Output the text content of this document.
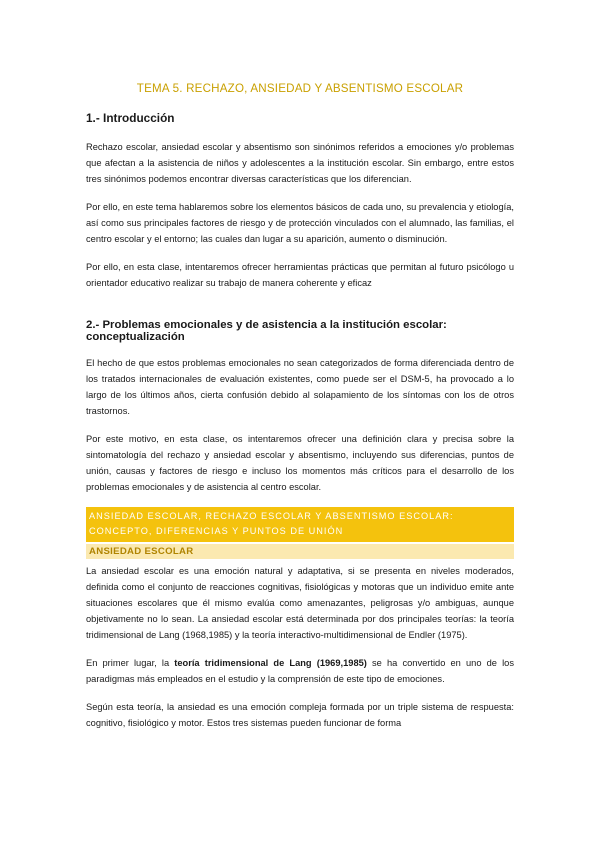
TEMA 5. RECHAZO, ANSIEDAD Y ABSENTISMO ESCOLAR
1.- Introducción

Rechazo escolar, ansiedad escolar y absentismo son sinónimos referidos a emociones y/o problemas que afectan a la asistencia de niños y adolescentes a la institución escolar. Sin embargo, entre estos tres sinónimos podemos encontrar diversas características que los diferencian.

Por ello, en este tema hablaremos sobre los elementos básicos de cada uno, su prevalencia y etiología, así como sus principales factores de riesgo y de protección vinculados con el alumnado, las familias, el centro escolar y el entorno; las cuales dan lugar a su aparición, aumento o disminución.

Por ello, en esta clase, intentaremos ofrecer herramientas prácticas que permitan al futuro psicólogo u orientador educativo realizar su trabajo de manera coherente y eficaz

2.- Problemas emocionales y de asistencia a la institución escolar: conceptualización

El hecho de que estos problemas emocionales no sean categorizados de forma diferenciada dentro de los tratados internacionales de evaluación existentes, como puede ser el DSM-5, ha provocado a lo largo de los últimos años, cierta confusión debido al solapamiento de los síntomas con los de otros trastornos.

Por este motivo, en esta clase, os intentaremos ofrecer una definición clara y precisa sobre la sintomatología del rechazo y ansiedad escolar y absentismo, incluyendo sus diferencias, puntos de unión, causas y factores de riesgo e incluso los momentos más críticos para el desarrollo de los problemas emocionales y de asistencia al centro escolar.

ANSIEDAD ESCOLAR, RECHAZO ESCOLAR Y ABSENTISMO ESCOLAR: CONCEPTO, DIFERENCIAS Y PUNTOS DE UNIÓN
ANSIEDAD ESCOLAR

La ansiedad escolar es una emoción natural y adaptativa, si se presenta en niveles moderados, definida como el conjunto de reacciones cognitivas, fisiológicas y motoras que un individuo emite ante situaciones escolares que él mismo evalúa como amenazantes, peligrosas y/o ambiguas, aunque objetivamente no lo sean. La ansiedad escolar está determinada por dos principales teorías: la teoría tridimensional de Lang (1968,1985) y la teoría interactivo-multidimensional de Endler (1975).

En primer lugar, la teoría tridimensional de Lang (1969,1985) se ha convertido en uno de los paradigmas más empleados en el estudio y la comprensión de este tipo de emociones.

Según esta teoría, la ansiedad es una emoción compleja formada por un triple sistema de respuesta: cognitivo, fisiológico y motor. Estos tres sistemas pueden funcionar de forma
